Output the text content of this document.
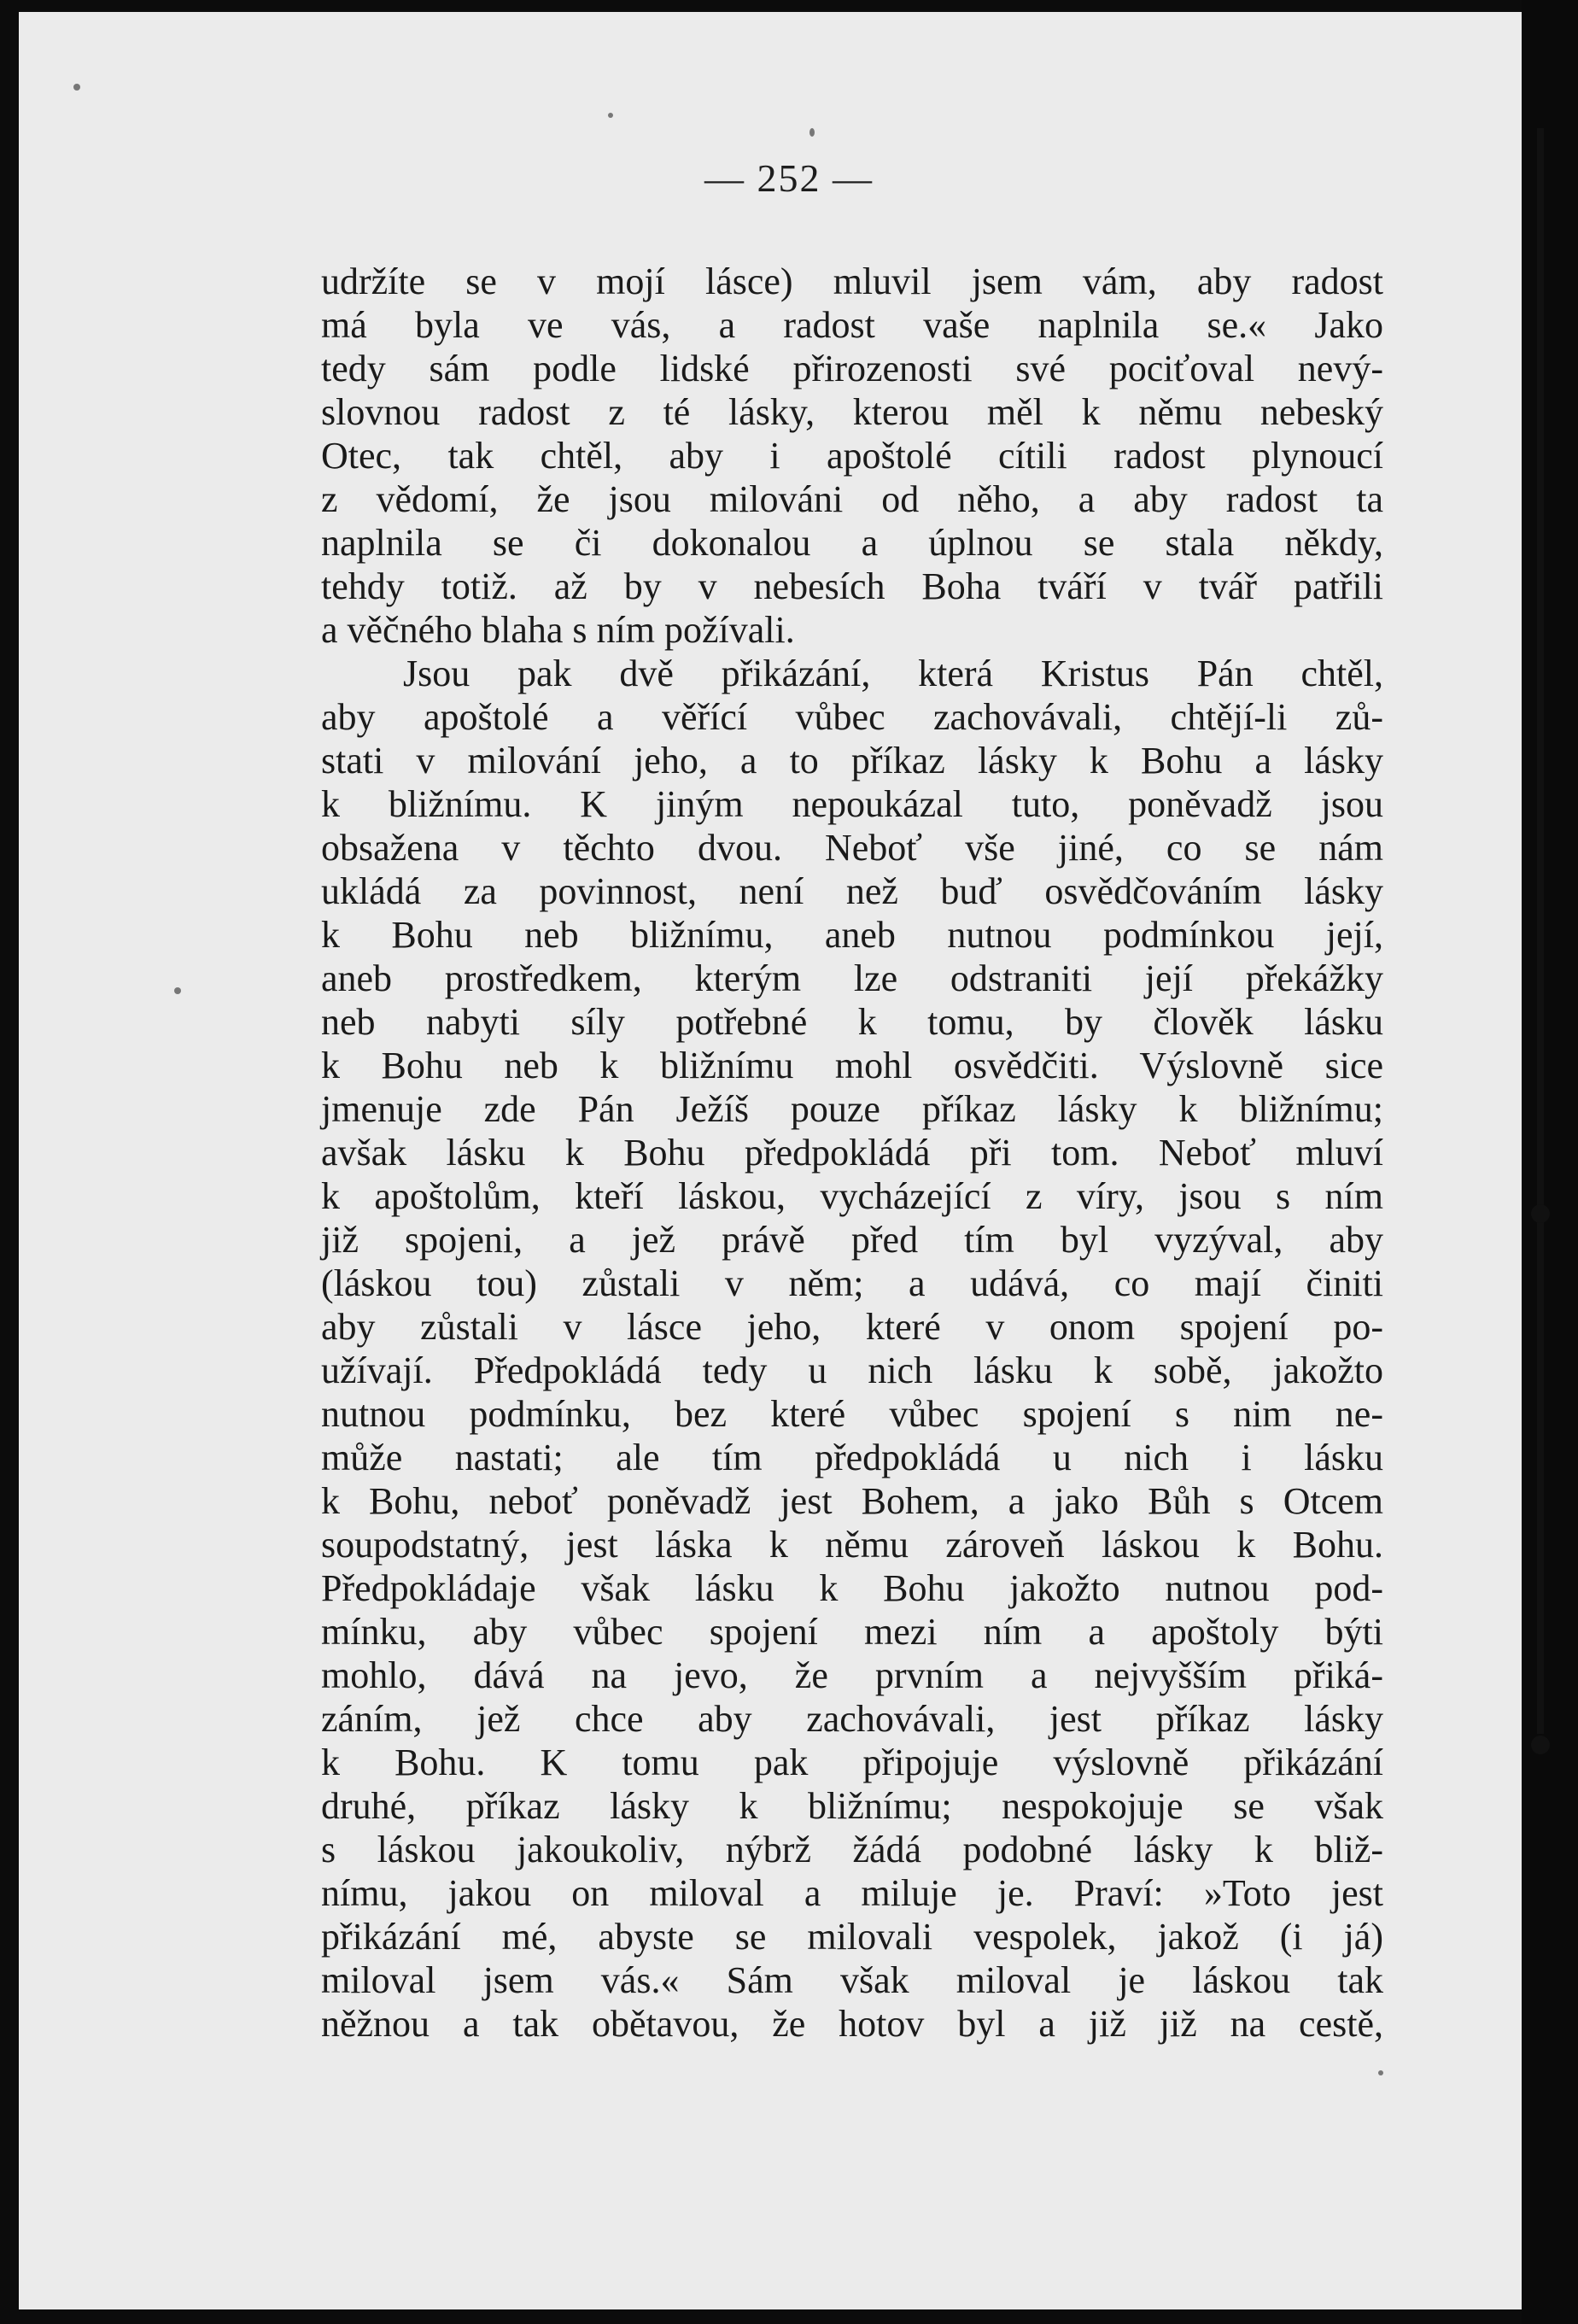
— 252 —
udržíte se v mojí lásce) mluvil jsem vám, aby radost
má byla ve vás, a radost vaše naplnila se.« Jako
tedy sám podle lidské přirozenosti své pociťoval nevý-
slovnou radost z té lásky, kterou měl k němu nebeský
Otec, tak chtěl, aby i apoštolé cítili radost plynoucí
z vědomí, že jsou milováni od něho, a aby radost ta
naplnila se či dokonalou a úplnou se stala někdy,
tehdy totiž. až by v nebesích Boha tváří v tvář patřili
a věčného blaha s ním požívali.
Jsou pak dvě přikázání, která Kristus Pán chtěl,
aby apoštolé a věřící vůbec zachovávali, chtějí-li zů-
stati v milování jeho, a to příkaz lásky k Bohu a lásky
k bližnímu. K jiným nepoukázal tuto, poněvadž jsou
obsažena v těchto dvou. Neboť vše jiné, co se nám
ukládá za povinnost, není než buď osvědčováním lásky
k Bohu neb bližnímu, aneb nutnou podmínkou její,
aneb prostředkem, kterým lze odstraniti její překážky
neb nabyti síly potřebné k tomu, by člověk lásku
k Bohu neb k bližnímu mohl osvědčiti. Výslovně sice
jmenuje zde Pán Ježíš pouze příkaz lásky k bližnímu;
avšak lásku k Bohu předpokládá při tom. Neboť mluví
k apoštolům, kteří láskou, vycházející z víry, jsou s ním
již spojeni, a jež právě před tím byl vyzýval, aby
(láskou tou) zůstali v něm; a udává, co mají činiti
aby zůstali v lásce jeho, které v onom spojení po-
užívají. Předpokládá tedy u nich lásku k sobě, jakožto
nutnou podmínku, bez které vůbec spojení s nim ne-
může nastati; ale tím předpokládá u nich i lásku
k Bohu, neboť poněvadž jest Bohem, a jako Bůh s Otcem
soupodstatný, jest láska k němu zároveň láskou k Bohu.
Předpokládaje však lásku k Bohu jakožto nutnou pod-
mínku, aby vůbec spojení mezi ním a apoštoly býti
mohlo, dává na jevo, že prvním a nejvyšším přiká-
záním, jež chce aby zachovávali, jest příkaz lásky
k Bohu. K tomu pak připojuje výslovně přikázání
druhé, příkaz lásky k bližnímu; nespokojuje se však
s láskou jakoukoliv, nýbrž žádá podobné lásky k bliž-
nímu, jakou on miloval a miluje je. Praví: »Toto jest
přikázání mé, abyste se milovali vespolek, jakož (i já)
miloval jsem vás.« Sám však miloval je láskou tak
něžnou a tak obětavou, že hotov byl a již již na cestě,
